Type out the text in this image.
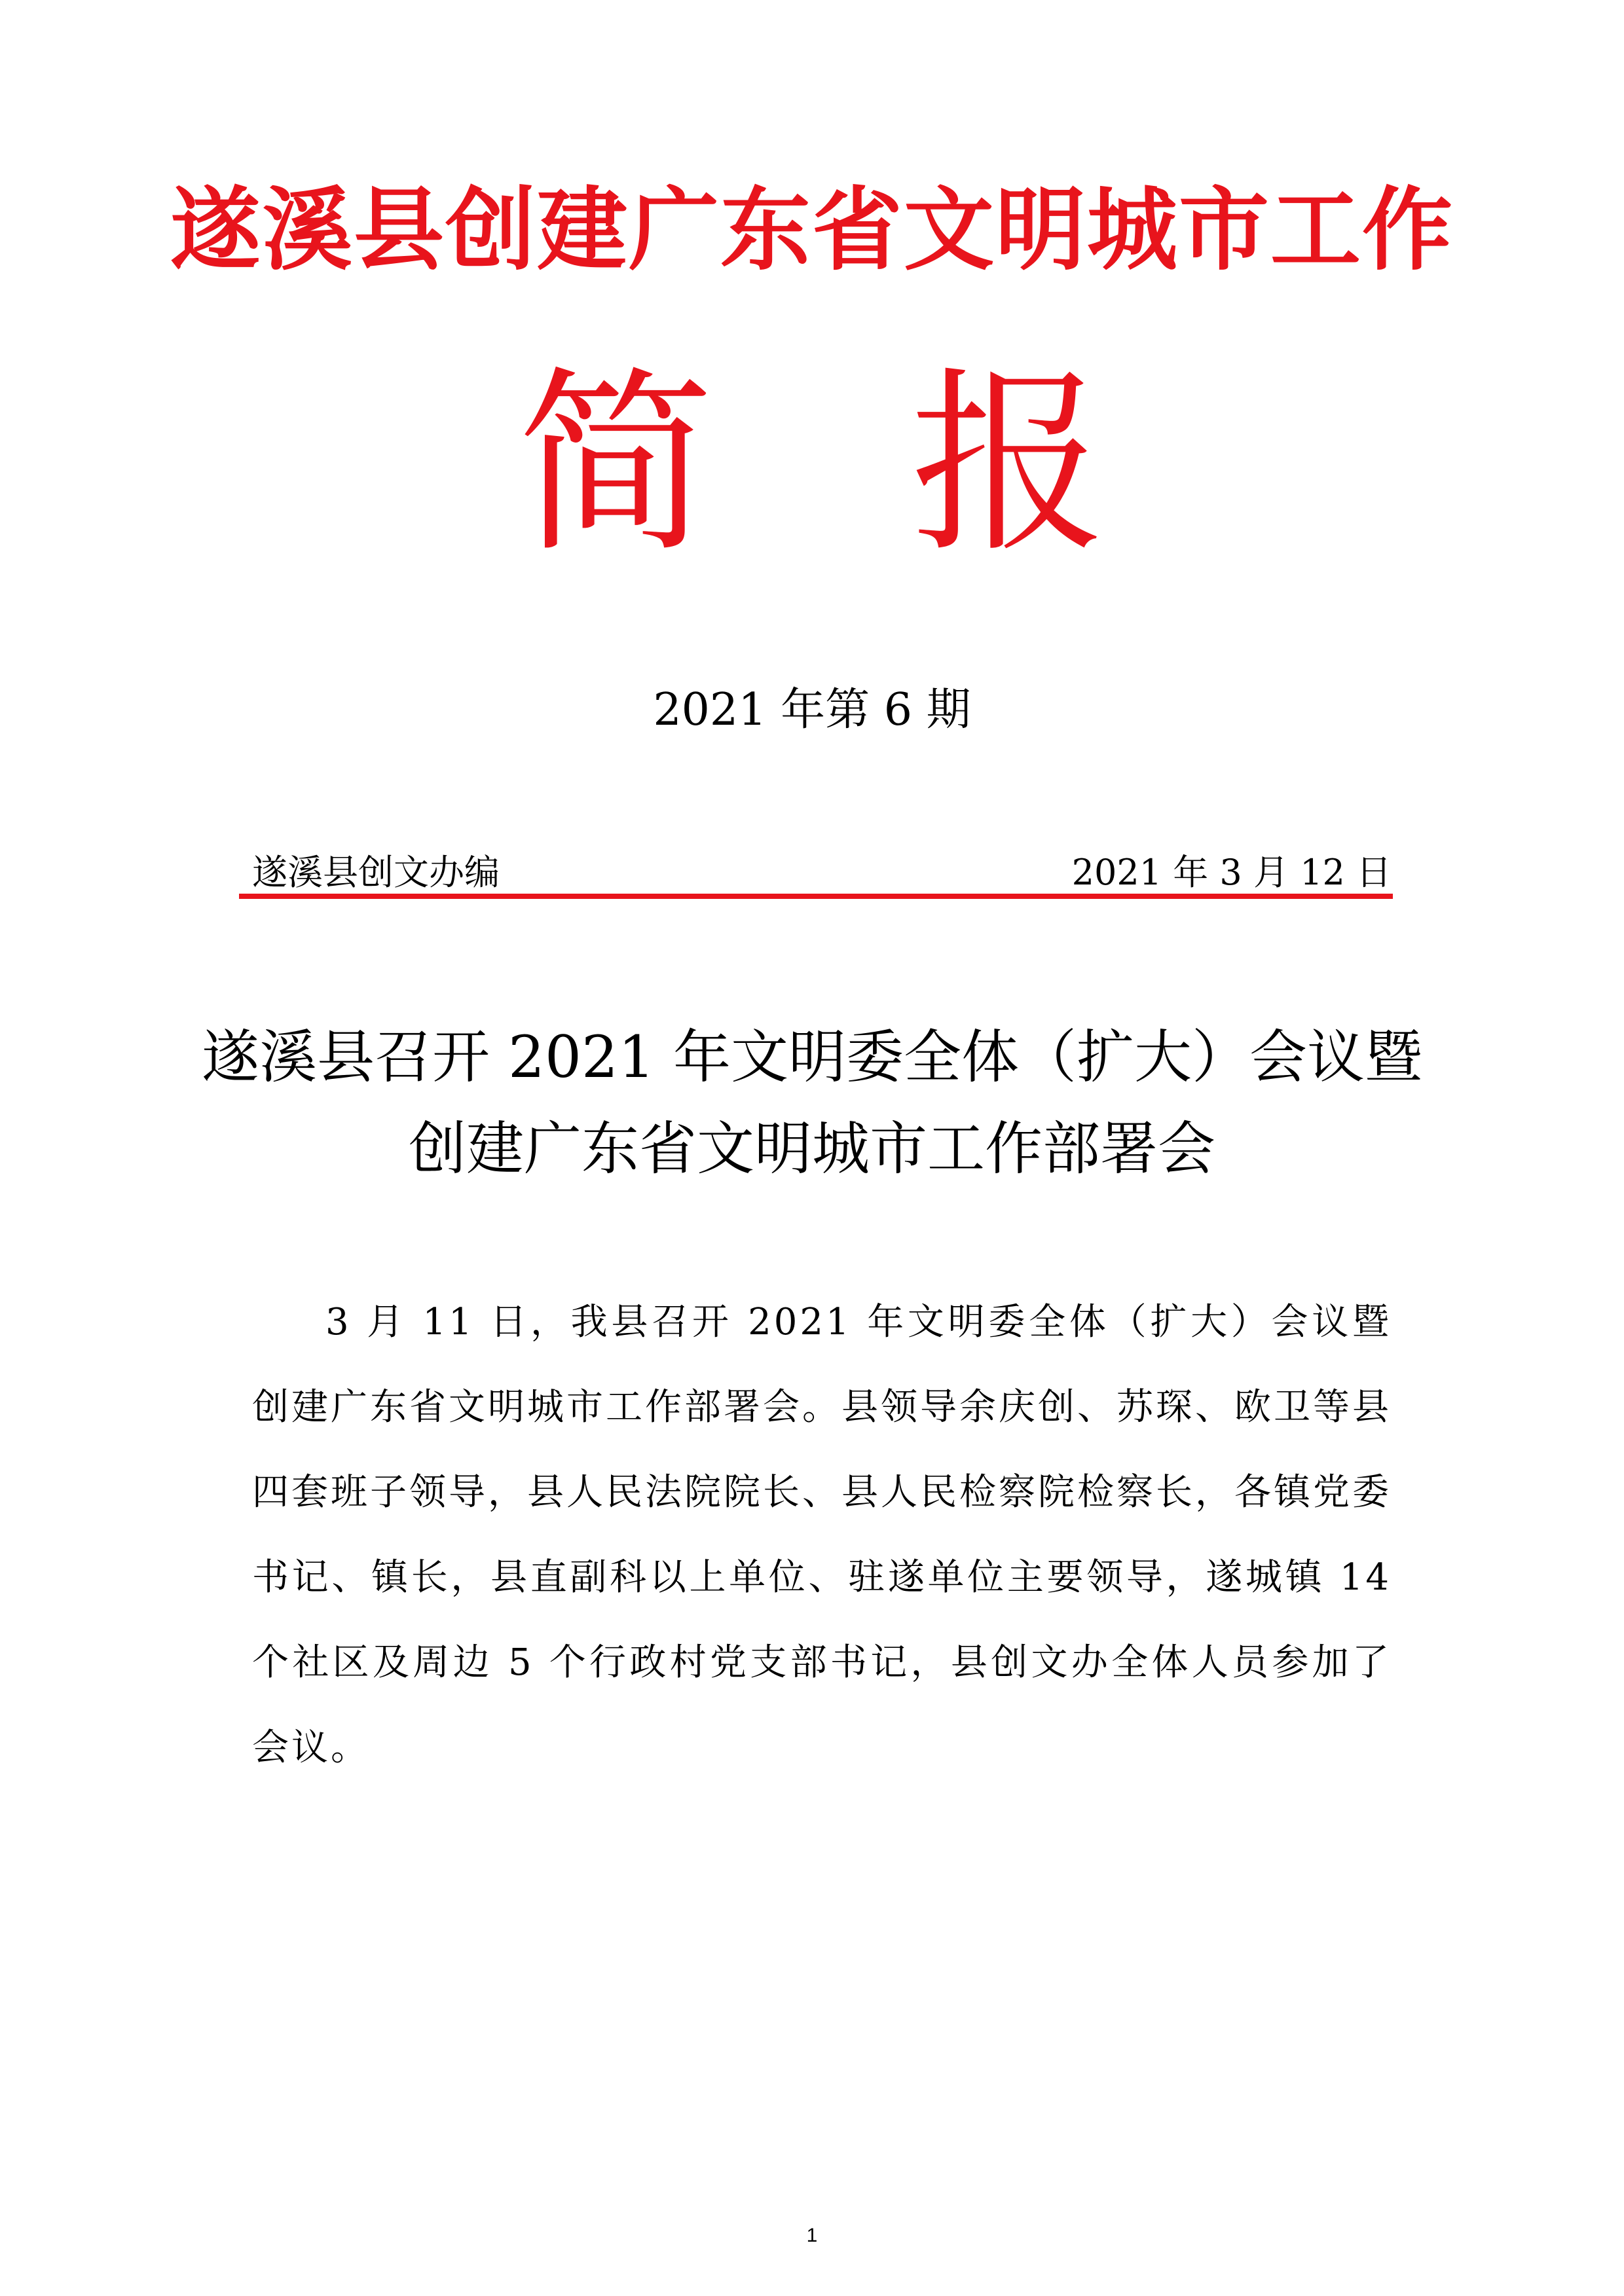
遂溪县创建广东省文明城市工作
简 报
2021 年第 6 期
遂溪县创文办编	2021 年 3 月 12 日
遂溪县召开 2021 年文明委全体（扩大）会议暨创建广东省文明城市工作部署会
3 月 11 日，我县召开 2021 年文明委全体（扩大）会议暨创建广东省文明城市工作部署会。县领导余庆创、苏琛、欧卫等县四套班子领导，县人民法院院长、县人民检察院检察长，各镇党委书记、镇长，县直副科以上单位、驻遂单位主要领导，遂城镇 14 个社区及周边 5 个行政村党支部书记，县创文办全体人员参加了会议。
1
